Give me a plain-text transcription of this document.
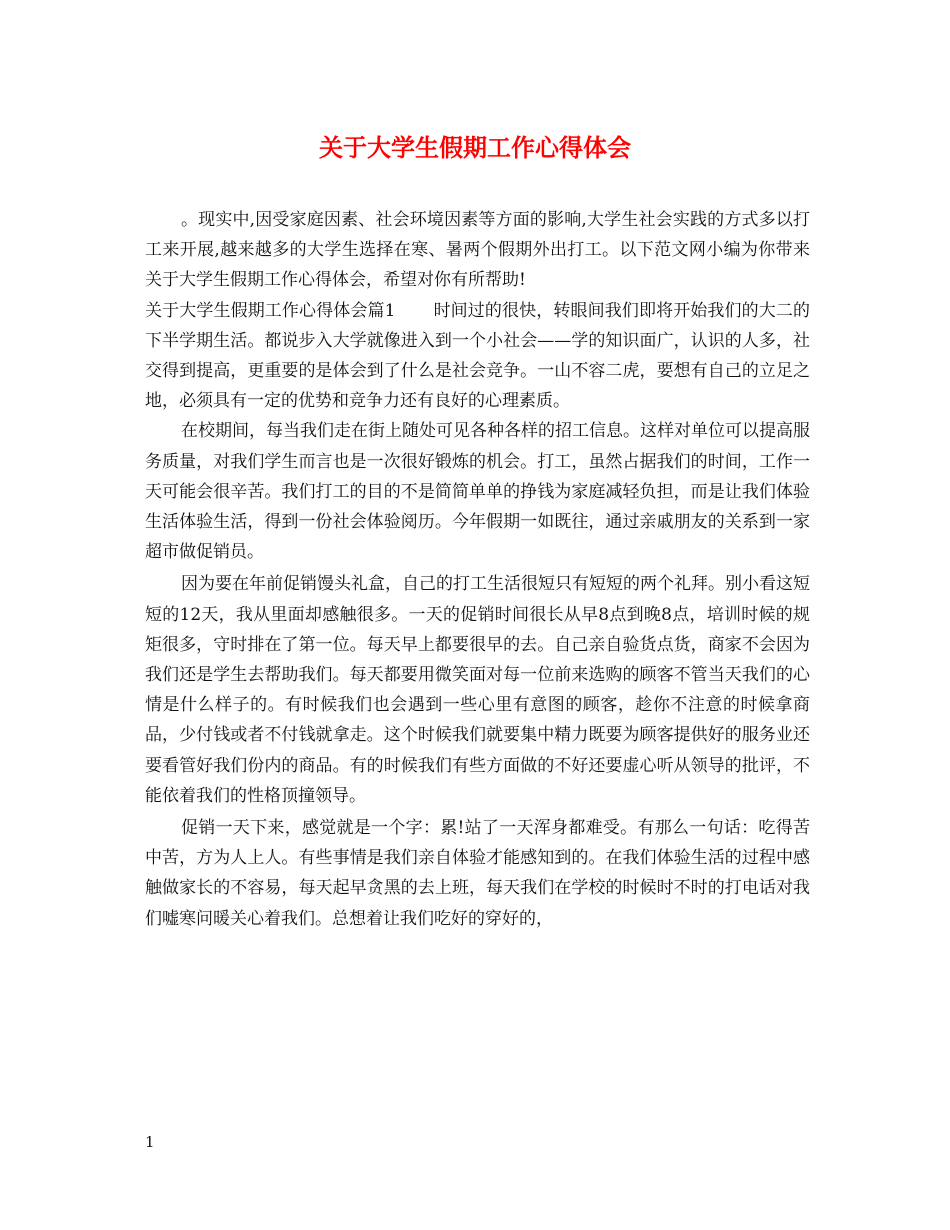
关于大学生假期工作心得体会

。现实中,因受家庭因素、社会环境因素等方面的影响,大学生社会实践的方式多以打工来开展,越来越多的大学生选择在寒、暑两个假期外出打工。以下范文网小编为你带来关于大学生假期工作心得体会，希望对你有所帮助!

关于大学生假期工作心得体会篇1 时间过的很快，转眼间我们即将开始我们的大二的下半学期生活。都说步入大学就像进入到一个小社会——学的知识面广，认识的人多，社交得到提高，更重要的是体会到了什么是社会竞争。一山不容二虎，要想有自己的立足之地，必须具有一定的优势和竞争力还有良好的心理素质。

在校期间，每当我们走在街上随处可见各种各样的招工信息。这样对单位可以提高服务质量，对我们学生而言也是一次很好锻炼的机会。打工，虽然占据我们的时间，工作一天可能会很辛苦。我们打工的目的不是简简单单的挣钱为家庭减轻负担，而是让我们体验生活体验生活，得到一份社会体验阅历。今年假期一如既往，通过亲戚朋友的关系到一家超市做促销员。

因为要在年前促销馒头礼盒，自己的打工生活很短只有短短的两个礼拜。别小看这短短的12天，我从里面却感触很多。一天的促销时间很长从早8点到晚8点，培训时候的规矩很多，守时排在了第一位。每天早上都要很早的去。自己亲自验货点货，商家不会因为我们还是学生去帮助我们。每天都要用微笑面对每一位前来选购的顾客不管当天我们的心情是什么样子的。有时候我们也会遇到一些心里有意图的顾客，趁你不注意的时候拿商品，少付钱或者不付钱就拿走。这个时候我们就要集中精力既要为顾客提供好的服务业还要看管好我们份内的商品。有的时候我们有些方面做的不好还要虚心听从领导的批评，不能依着我们的性格顶撞领导。

促销一天下来，感觉就是一个字：累!站了一天浑身都难受。有那么一句话：吃得苦中苦，方为人上人。有些事情是我们亲自体验才能感知到的。在我们体验生活的过程中感触做家长的不容易，每天起早贪黑的去上班，每天我们在学校的时候时不时的打电话对我们嘘寒问暖关心着我们。总想着让我们吃好的穿好的，

1
